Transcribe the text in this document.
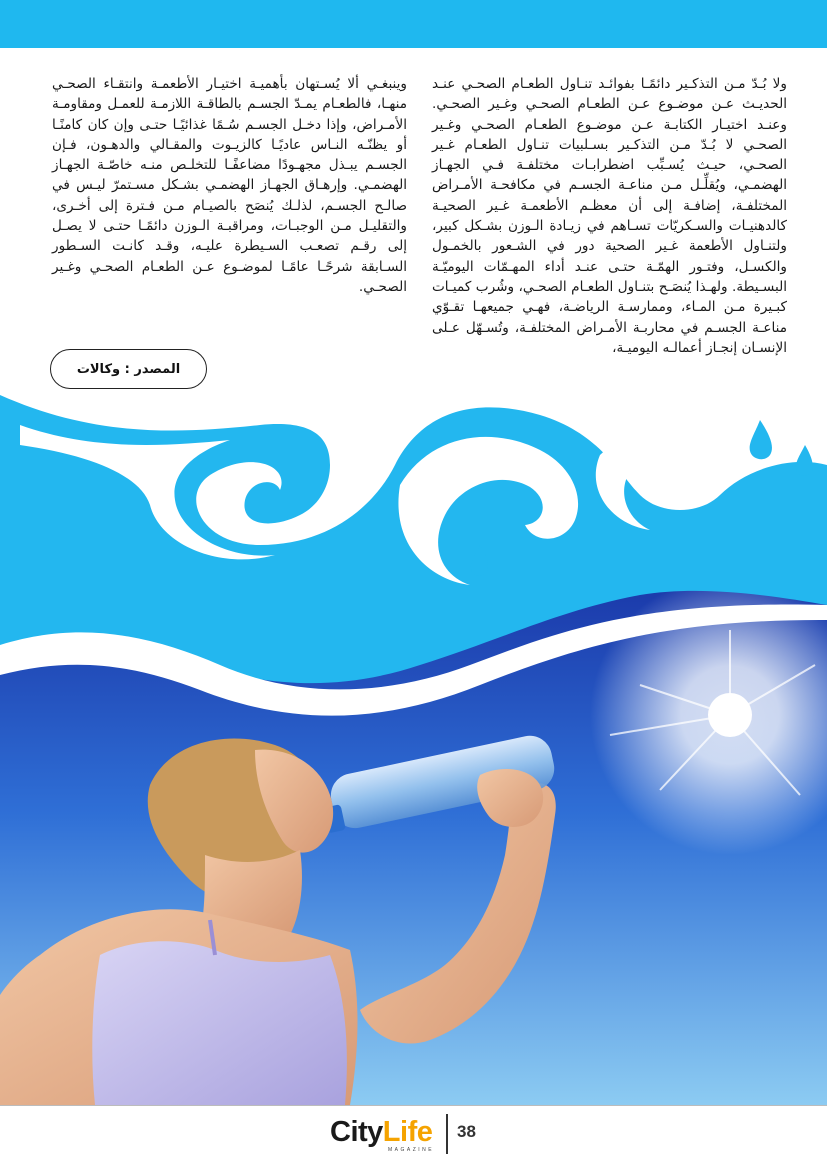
ولا بُـدّ مـن التذكـير دائمًـا بفوائـد تنـاول الطعـام الصحـي عنـد الحديـث عـن موضـوع عـن الطعـام الصحـي وغـير الصحـي. وعنـد اختيـار الكتابـة عـن موضـوع الطعـام الصحـي وغـير الصحـي لا بُـدّ مـن التذكـير بسـلبيات تنـاول الطعـام غـير الصحـي، حيـث يُسـبِّب اضطرابـات مختلفـة فـي الجهـاز الهضمـي، ويُقلِّـل مـن مناعـة الجسـم في مكافحـة الأمـراض المختلفـة، إضافـة إلى أن معظـم الأطعمـة غـير الصحيـة كالدهنيـات والسـكريّات تسـاهم في زيـادة الـوزن بشـكل كبير، ولتنـاول الأطعمة غـير الصحية دور في الشـعور بالخمـول والكسـل، وفتـور الهمّـة حتـى عنـد أداء المهـمّات اليوميّـة البسـيطة. ولهـذا يُنصَـح بتنـاول الطعـام الصحـي، وشُرب كميـات كبـيرة مـن المـاء، وممارسـة الرياضـة، فهـي جميعهـا تقـوّي مناعـة الجسـم في محاربـة الأمـراض المختلفـة، وتُسـهّل عـلى الإنسـان إنجـاز أعمالـه اليوميـة،
وينبغـي ألا يُسـتهان بأهميـة اختيـار الأطعمـة وانتقـاء الصحـي منهـا، فالطعـام يمـدّ الجسـم بالطاقـة اللازمـة للعمـل ومقاومـة الأمـراض، وإذا دخـل الجسـم سُـمًا غذائيًـا حتـى وإن كان كامنًـا أو يظنّـه النـاس عاديًـا كالزيـوت والمقـالي والدهـون، فـإن الجسـم يبـذل مجهـودًا مضاعفًـا للتخلـص منـه خاصّـة الجهـاز الهضمـي. وإرهـاق الجهـاز الهضمـي بشـكل مسـتمرّ ليـس في صالـح الجسـم، لذلـك يُنصَح بالصيـام مـن فـترة إلى أخـرى، والتقليـل مـن الوجبـات، ومراقبـة الـوزن دائمًـا حتـى لا يصـل إلى رقـم تصعـب السـيطرة عليـه، وقـد كانـت السـطور السـابقة شرحًـا عامًـا لموضـوع عـن الطعـام الصحـي وغـير الصحـي.
المصدر : وكالات
CityLife
MAGAZINE
38
